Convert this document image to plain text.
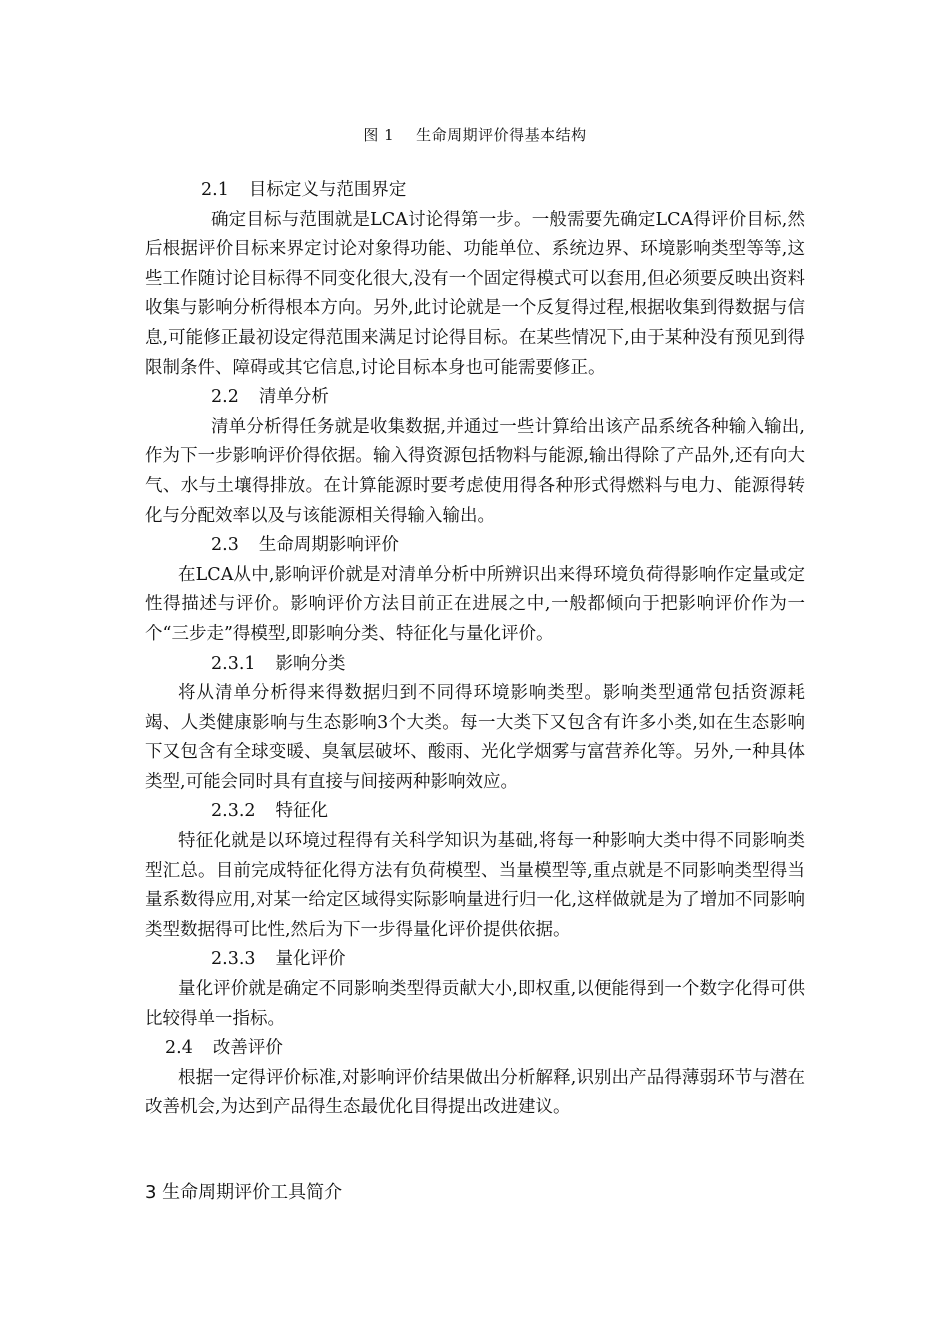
图 1 生命周期评价得基本结构

2.1 目标定义与范围界定

确定目标与范围就是LCA讨论得第一步。一般需要先确定LCA得评价目标,然后根据评价目标来界定讨论对象得功能、功能单位、系统边界、环境影响类型等等,这些工作随讨论目标得不同变化很大,没有一个固定得模式可以套用,但必须要反映出资料收集与影响分析得根本方向。另外,此讨论就是一个反复得过程,根据收集到得数据与信息,可能修正最初设定得范围来满足讨论得目标。在某些情况下,由于某种没有预见到得限制条件、障碍或其它信息,讨论目标本身也可能需要修正。

2.2 清单分析

清单分析得任务就是收集数据,并通过一些计算给出该产品系统各种输入输出,作为下一步影响评价得依据。输入得资源包括物料与能源,输出得除了产品外,还有向大气、水与土壤得排放。在计算能源时要考虑使用得各种形式得燃料与电力、能源得转化与分配效率以及与该能源相关得输入输出。

2.3 生命周期影响评价

在LCA从中,影响评价就是对清单分析中所辨识出来得环境负荷得影响作定量或定性得描述与评价。影响评价方法目前正在进展之中,一般都倾向于把影响评价作为一个“三步走”得模型,即影响分类、特征化与量化评价。

2.3.1 影响分类

将从清单分析得来得数据归到不同得环境影响类型。影响类型通常包括资源耗竭、人类健康影响与生态影响3个大类。每一大类下又包含有许多小类,如在生态影响下又包含有全球变暖、臭氧层破坏、酸雨、光化学烟雾与富营养化等。另外,一种具体类型,可能会同时具有直接与间接两种影响效应。

2.3.2 特征化

特征化就是以环境过程得有关科学知识为基础,将每一种影响大类中得不同影响类型汇总。目前完成特征化得方法有负荷模型、当量模型等,重点就是不同影响类型得当量系数得应用,对某一给定区域得实际影响量进行归一化,这样做就是为了增加不同影响类型数据得可比性,然后为下一步得量化评价提供依据。

2.3.3 量化评价

量化评价就是确定不同影响类型得贡献大小,即权重,以便能得到一个数字化得可供比较得单一指标。

2.4 改善评价

根据一定得评价标准,对影响评价结果做出分析解释,识别出产品得薄弱环节与潜在改善机会,为达到产品得生态最优化目得提出改进建议。

3 生命周期评价工具简介
